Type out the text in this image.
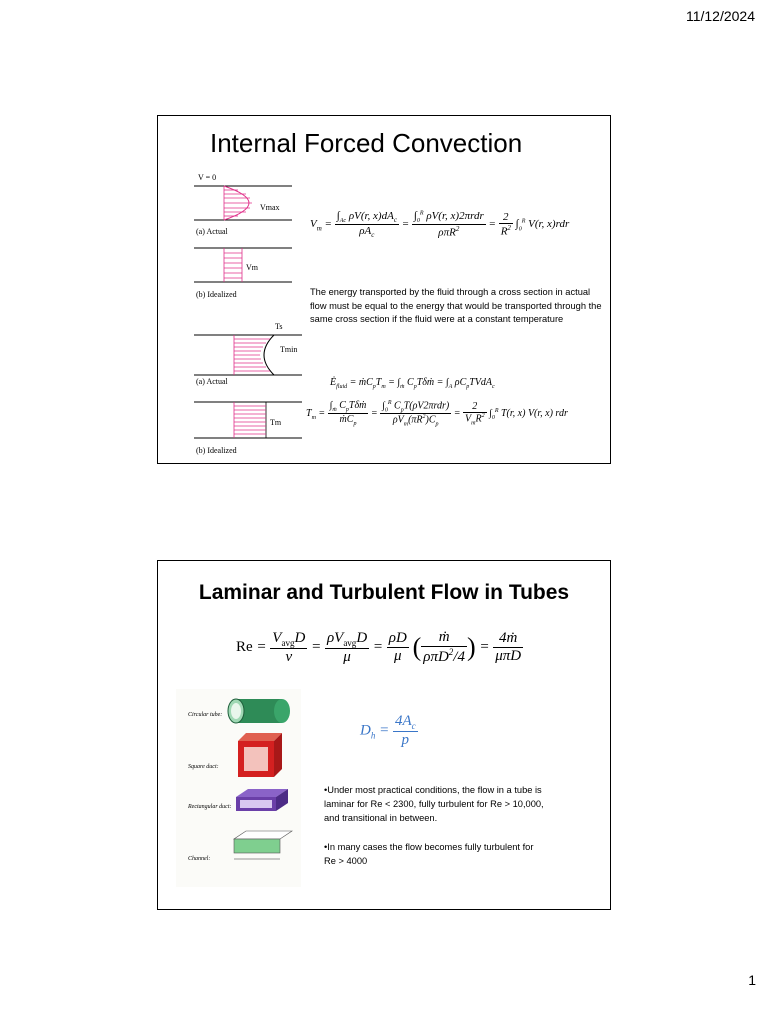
11/12/2024
Internal Forced Convection
V = 0
Vmax
(a) Actual
Vm
(b) Idealized
$V_m = \frac{\int_{Ac} \rho V(r, x)dA_c}{\rho A_c} = \frac{\int_0^R \rho V(r, x)2\pi rdr}{\rho\pi R^2} = \frac{2}{R^2} \int_0^R$ V(r, x)rdr
The energy transported by the fluid through a cross section in actual flow must be equal to the energy that would be transported through the same cross section if the fluid were at a constant temperature
Ts
Tmin
(a) Actual
Tm
(b) Idealized
$Ė_{fluid}$ = $ṁC_pT_m = \int_ṁ$ $C_pT\delta ṁ = \int_A$ $\rho C_pTVdA_c$
$T_m = \frac{\int_ṁ C_pT\delta ṁ}{ṁC_p} = \frac{\int_0^R C_pT(\rho V2\pi rdr)}{\rho V_m(\pi R^2)C_p} = \frac{2}{V_mR^2} \int_0^R$ T(r, x) V(r, x) rdr
Laminar and Turbulent Flow in Tubes
$Re = \frac{V_{avg}D}{\nu} = \frac{\rho V_{avg}D}{\mu} = \frac{\rho D}{\mu}$ ( $\frac{\text{ṁ}}{\rho\pi D^2/4}$ ) = $\frac{\text{4ṁ}}{\text{μπD}}$
Circular tube:
Square duct:
Rectangular duct:
Channel:
$D_h = \frac{4A_c}{p}$
•Under most practical conditions, the flow in a tube is laminar for Re < 2300, fully turbulent for Re > 10,000, and transitional in between.
•In many cases the flow becomes fully turbulent for Re > 4000
1
